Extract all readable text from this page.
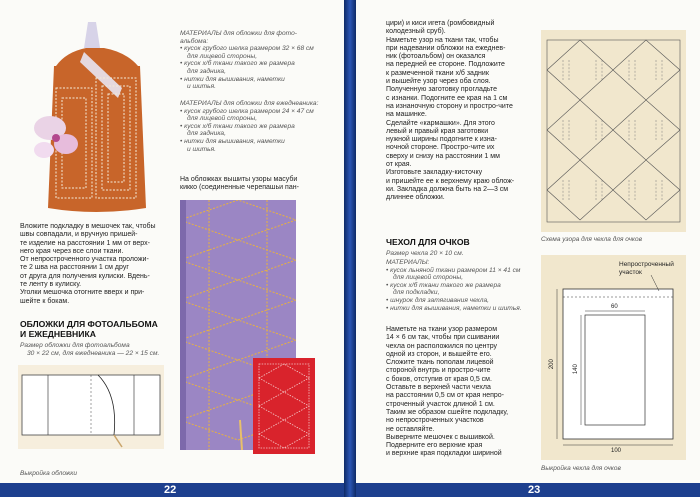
МАТЕРИАЛЫ для обложки для фото-

альбома:

• кусок грубого шелка размером 32 × 68 см

для лицевой стороны,

• кусок х/б ткани такого же размера

для задника,

• нитки для вышивания, нaметки

и шитья.

МАТЕРИАЛЫ для обложки для ежедневника:

• кусок грубого шелка размером 24 × 47 см

для лицевой стороны,

• кусок х/б ткани такого же размера

для задника,

• нитки для вышивания, нaметки

и шитья.

На обложках вышиты узоры масуби

кикко (соединенные черепашьи пан-

Вложите подкладку в мешочек так, чтобы

швы совпадали, и вручную пришей-

те изделие на расстоянии 1 мм от верх-

него края через все слои ткани.

От непростроченного участка проложи-

те 2 шва на расстоянии 1 см друг

от друга для получения кулиски. Вдень-

те ленту в кулиску.

Уголки мешочка отогните вверх и при-

шейте к бокам.

ОБЛОЖКИ ДЛЯ ФОТОАЛЬБОМА

И ЕЖЕДНЕВНИКА

Размер обложки для фотоальбома

30 × 22 см, для ежедневника — 22 × 15 см.

Выкройка обложки
22

цири) и киси игета (ромбовидный

колодезный сруб).

Наметьте узор на ткани так, чтобы

при надевании обложки на ежеднев-

ник (фотоальбом) он оказался

на передней ее стороне. Подложите

к размеченной ткани х/б задник

и вышейте узор через оба слоя.

Полученную заготовку прогладьте

с изнанки. Подогните ее края на 1 см

на изнаночную сторону и простро-чите

на машинке.

Сделайте «кармашки». Для этого

левый и правый края заготовки

нужной ширины подогните к изна-

ночной стороне. Простро-чите их

сверху и снизу на расстоянии 1 мм

от края.

Изготовьте закладку-кисточку

и пришейте ее к верхнему краю облож-

ки. Закладка должна быть на 2—3 см

длиннее обложки.

ЧЕХОЛ ДЛЯ ОЧКОВ
Размер чехла 20 × 10 см.

МАТЕРИАЛЫ:

• кусок льняной ткани размером 11 × 41 см

для лицевой стороны,

• кусок х/б ткани такого же размера

для подкладки,

• шнурок для затягивания чехла,

• нитки для вышивания, нaметки и шитья.

Наметьте на ткани узор размером

14 × 6 см так, чтобы при сшивании

чехла он расположился по центру

одной из сторон, и вышейте его.

Сложите ткань пополам лицевой

стороной внутрь и простро-чите

с боков, отступив от края 0,5 см.

Оставьте в верхней части чехла

на расстоянии 0,5 см от края непро-

строченный участок длиной 1 см.

Таким же образом сшейте подкладку,

но непростроченных участков

не оставляйте.

Выверните мешочек с вышивкой.

Подверните его верхние края

и верхние края подкладки шириной

23
Схема узора для чехла для очков
Непростроченный участок
60
140
200
100
Выкройка чехла для очков
